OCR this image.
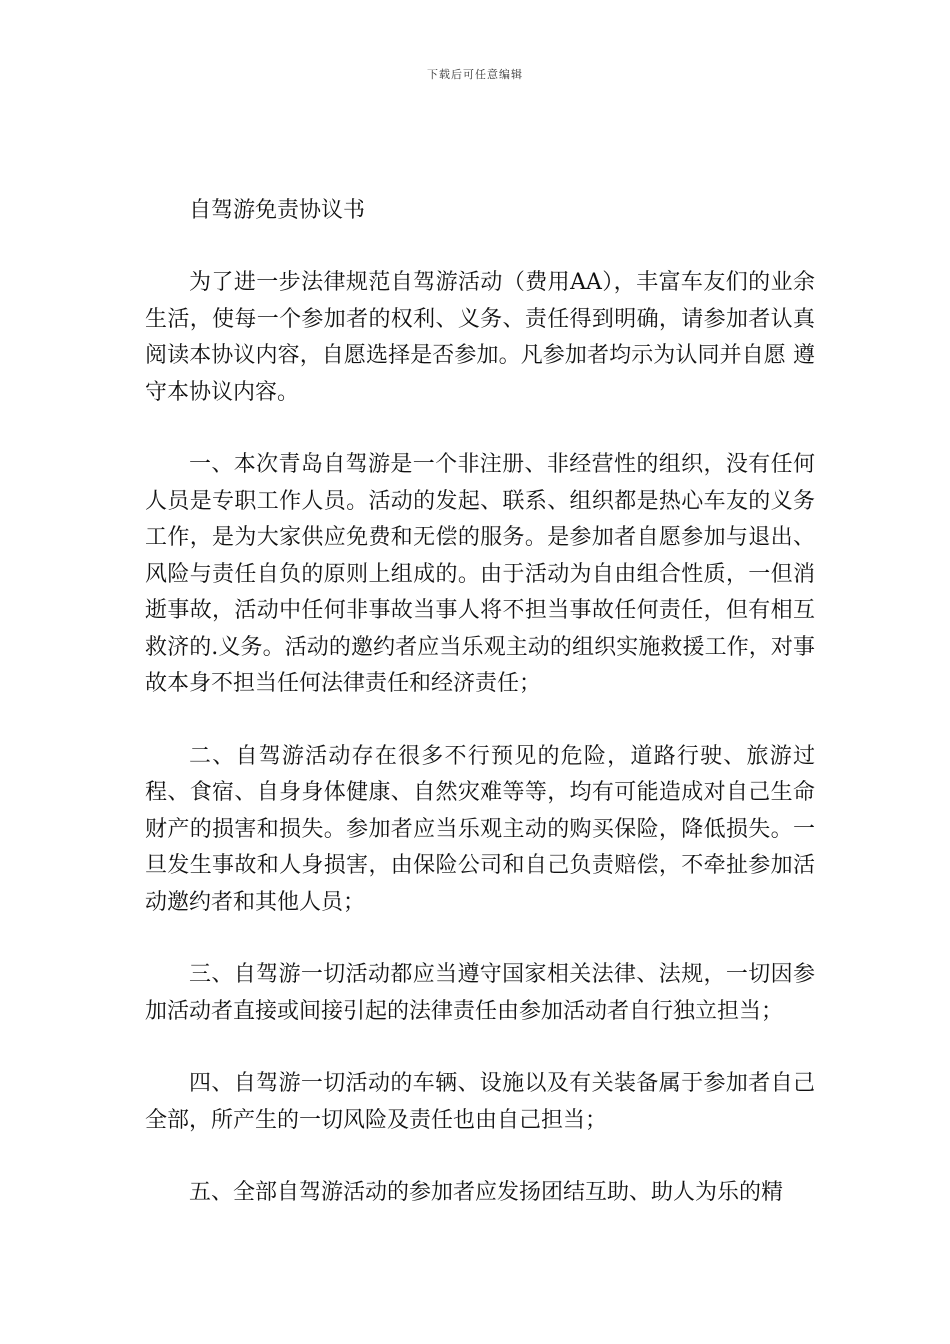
下载后可任意编辑
自驾游免责协议书

为了进一步法律规范自驾游活动（费用AA），丰富车友们的业余生活，使每一个参加者的权利、义务、责任得到明确，请参加者认真阅读本协议内容，自愿选择是否参加。凡参加者均示为认同并自愿 遵守本协议内容。

一、本次青岛自驾游是一个非注册、非经营性的组织，没有任何人员是专职工作人员。活动的发起、联系、组织都是热心车友的义务工作，是为大家供应免费和无偿的服务。是参加者自愿参加与退出、风险与责任自负的原则上组成的。由于活动为自由组合性质，一但消逝事故，活动中任何非事故当事人将不担当事故任何责任，但有相互救济的.义务。活动的邀约者应当乐观主动的组织实施救援工作，对事故本身不担当任何法律责任和经济责任；

二、自驾游活动存在很多不行预见的危险，道路行驶、旅游过程、食宿、自身身体健康、自然灾难等等，均有可能造成对自己生命财产的损害和损失。参加者应当乐观主动的购买保险，降低损失。一旦发生事故和人身损害，由保险公司和自己负责赔偿，不牵扯参加活动邀约者和其他人员；

三、自驾游一切活动都应当遵守国家相关法律、法规，一切因参加活动者直接或间接引起的法律责任由参加活动者自行独立担当；

四、自驾游一切活动的车辆、设施以及有关装备属于参加者自己全部，所产生的一切风险及责任也由自己担当；

五、全部自驾游活动的参加者应发扬团结互助、助人为乐的精
